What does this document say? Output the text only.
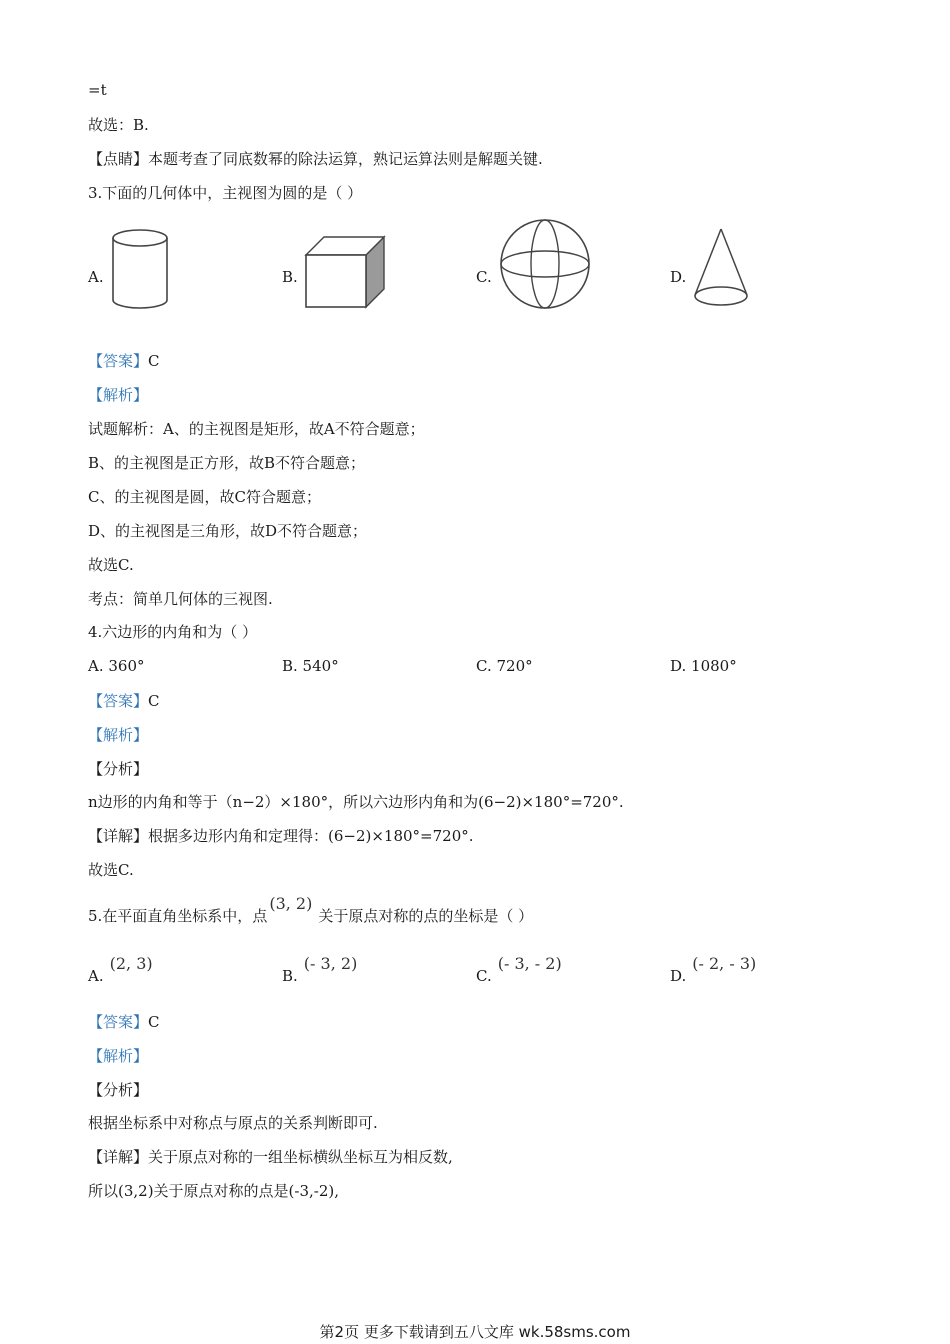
=t
故选：B.
【点睛】本题考查了同底数幂的除法运算，熟记运算法则是解题关键.
3.下面的几何体中，主视图为圆的是（ ）
A.	B.	C.	D.
【答案】C
【解析】
试题解析：A、的主视图是矩形，故A不符合题意；
B、的主视图是正方形，故B不符合题意；
C、的主视图是圆，故C符合题意；
D、的主视图是三角形，故D不符合题意；
故选C.
考点：简单几何体的三视图.
4.六边形的内角和为（ ）
A. 360°	B. 540°	C. 720°	D. 1080°
【答案】C
【解析】
【分析】
n边形的内角和等于（n−2）×180°，所以六边形内角和为(6−2)×180°=720°.
【详解】根据多边形内角和定理得：(6−2)×180°=720°.
故选C.
5.在平面直角坐标系中，点(3, 2)关于原点对称的点的坐标是（ ）
A.(2, 3)
B.(- 3, 2)
C.(- 3, - 2)
D.(- 2, - 3)
【答案】C
【解析】
【分析】
根据坐标系中对称点与原点的关系判断即可.
【详解】关于原点对称的一组坐标横纵坐标互为相反数,
所以(3,2)关于原点对称的点是(-3,-2),
第2页 更多下载请到五八文库 wk.58sms.com
